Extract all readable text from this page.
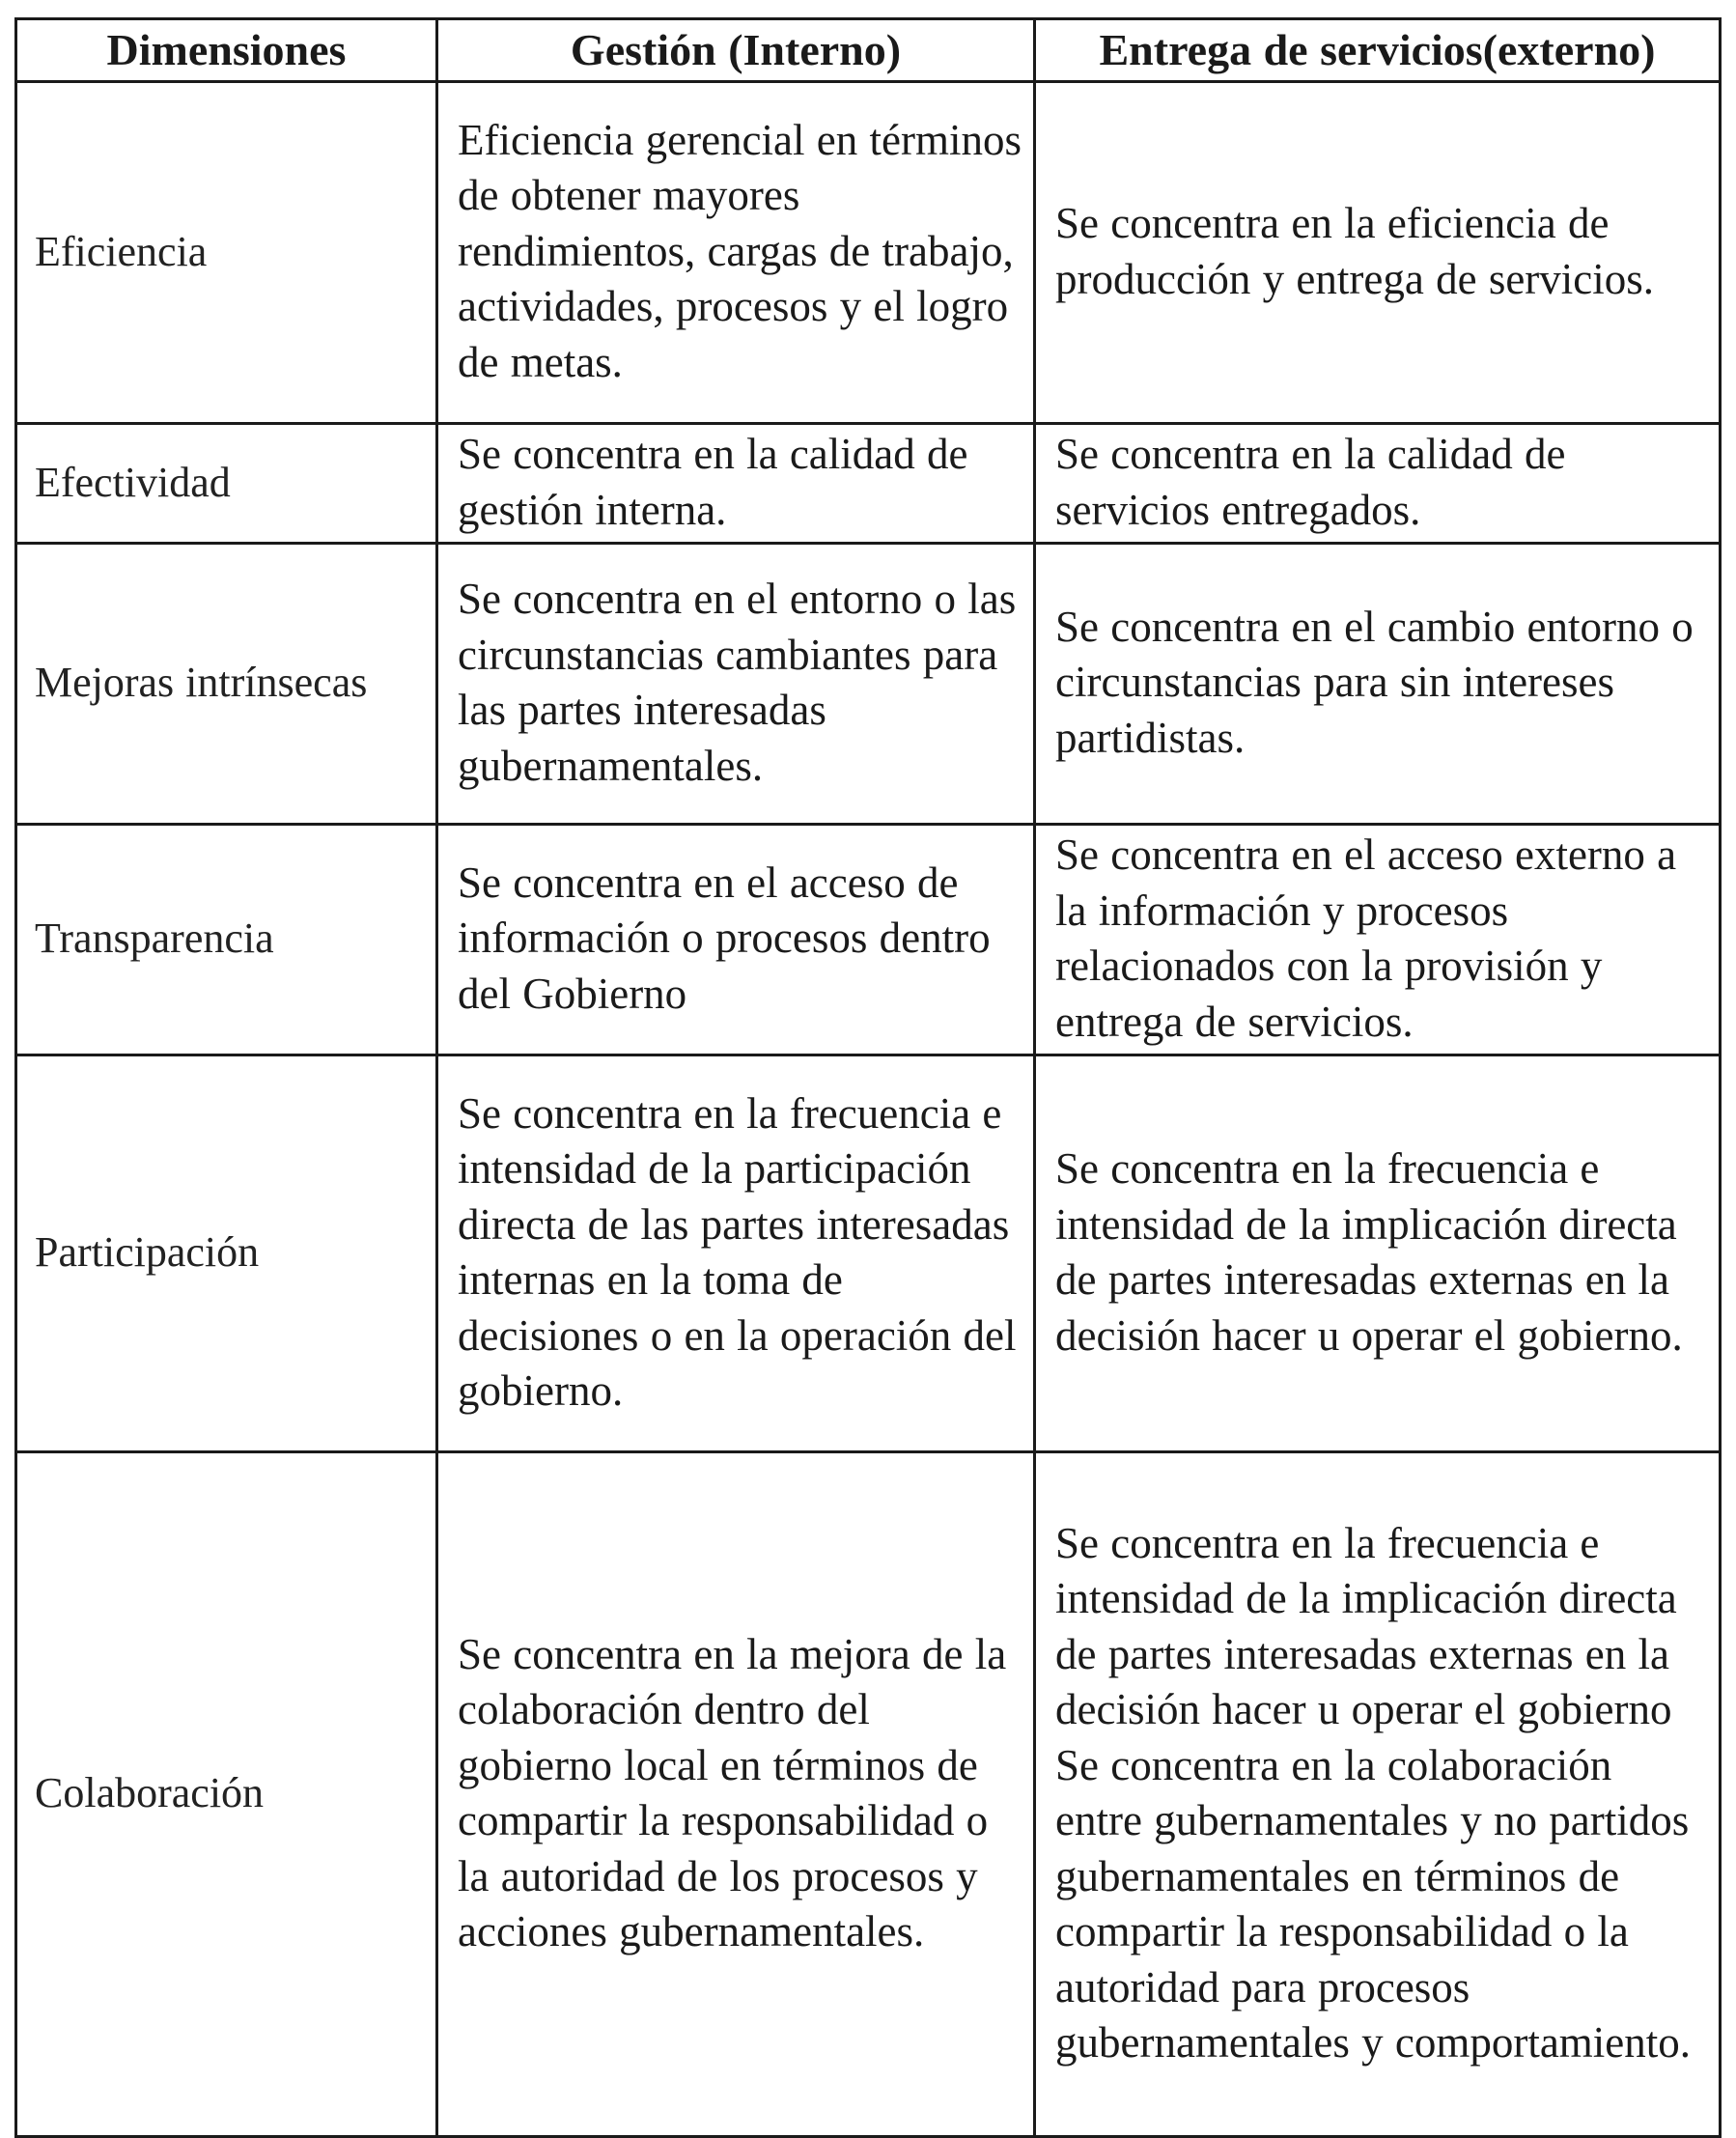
Dimensiones	Gestión (Interno)	Entrega de servicios(externo)
Eficiencia	Eficiencia gerencial en términos de obtener mayores rendimientos, cargas de trabajo, actividades, procesos y el logro de metas.	Se concentra en la eficiencia de producción y entrega de servicios.
Efectividad	Se concentra en la calidad de gestión interna.	Se concentra en la calidad de servicios entregados.
Mejoras intrínsecas	Se concentra en el entorno o las circunstancias cambiantes para las partes interesadas gubernamentales.	Se concentra en el cambio entorno o circunstancias para sin intereses partidistas.
Transparencia	Se concentra en el acceso de información o procesos dentro del Gobierno	Se concentra en el acceso externo a la información y procesos relacionados con la provisión y entrega de servicios.
Participación	Se concentra en la frecuencia e intensidad de la participación directa de las partes interesadas internas en la toma de decisiones o en la operación del gobierno.	Se concentra en la frecuencia e intensidad de la implicación directa de partes interesadas externas en la decisión hacer u operar el gobierno.
Colaboración	Se concentra en la mejora de la colaboración dentro del gobierno local en términos de compartir la responsabilidad o la autoridad de los procesos y acciones gubernamentales.	Se concentra en la frecuencia e intensidad de la implicación directa de partes interesadas externas en la decisión hacer u operar el gobierno Se concentra en la colaboración entre gubernamentales y no partidos gubernamentales en términos de compartir la responsabilidad o la autoridad para procesos gubernamentales y comportamiento.
